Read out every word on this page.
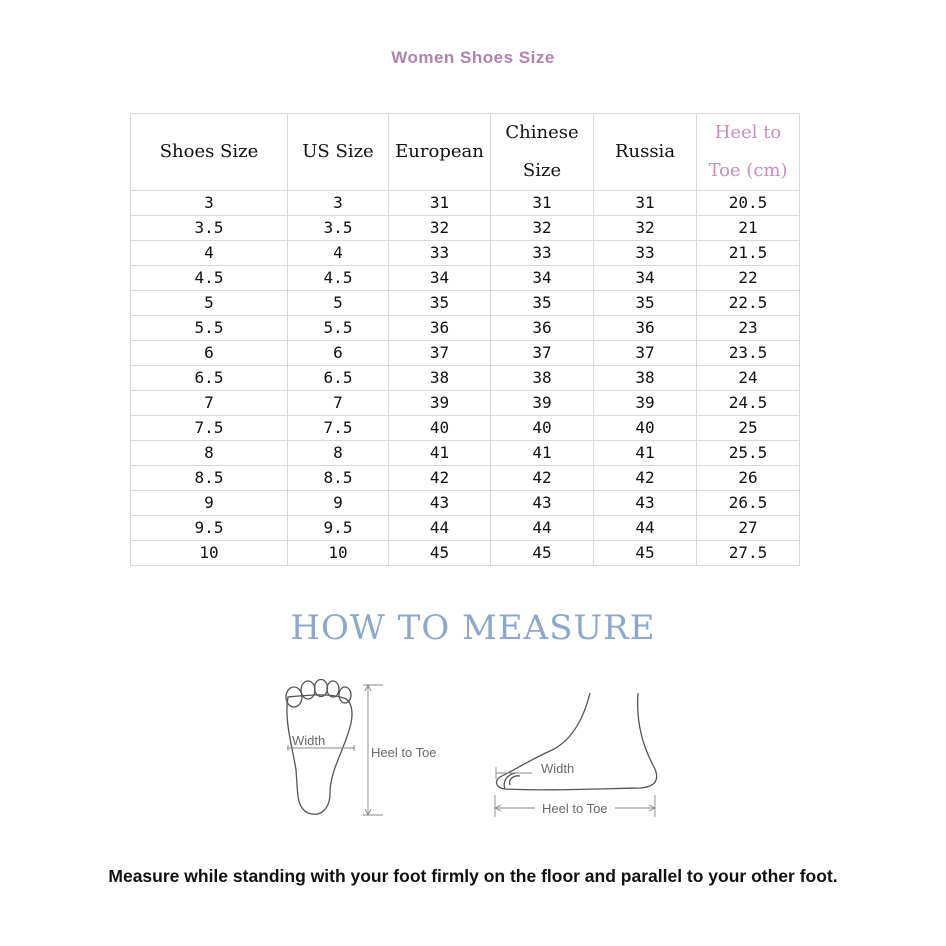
Women Shoes Size
Shoes Size	US Size	European	Chinese Size	Russia	Heel to Toe (cm)
3	3	31	31	31	20.5
3.5	3.5	32	32	32	21
4	4	33	33	33	21.5
4.5	4.5	34	34	34	22
5	5	35	35	35	22.5
5.5	5.5	36	36	36	23
6	6	37	37	37	23.5
6.5	6.5	38	38	38	24
7	7	39	39	39	24.5
7.5	7.5	40	40	40	25
8	8	41	41	41	25.5
8.5	8.5	42	42	42	26
9	9	43	43	43	26.5
9.5	9.5	44	44	44	27
10	10	45	45	45	27.5
HOW TO MEASURE
Width
Heel to Toe
Width
Heel to Toe
Measure while standing with your foot firmly on the floor and parallel to your other foot.
